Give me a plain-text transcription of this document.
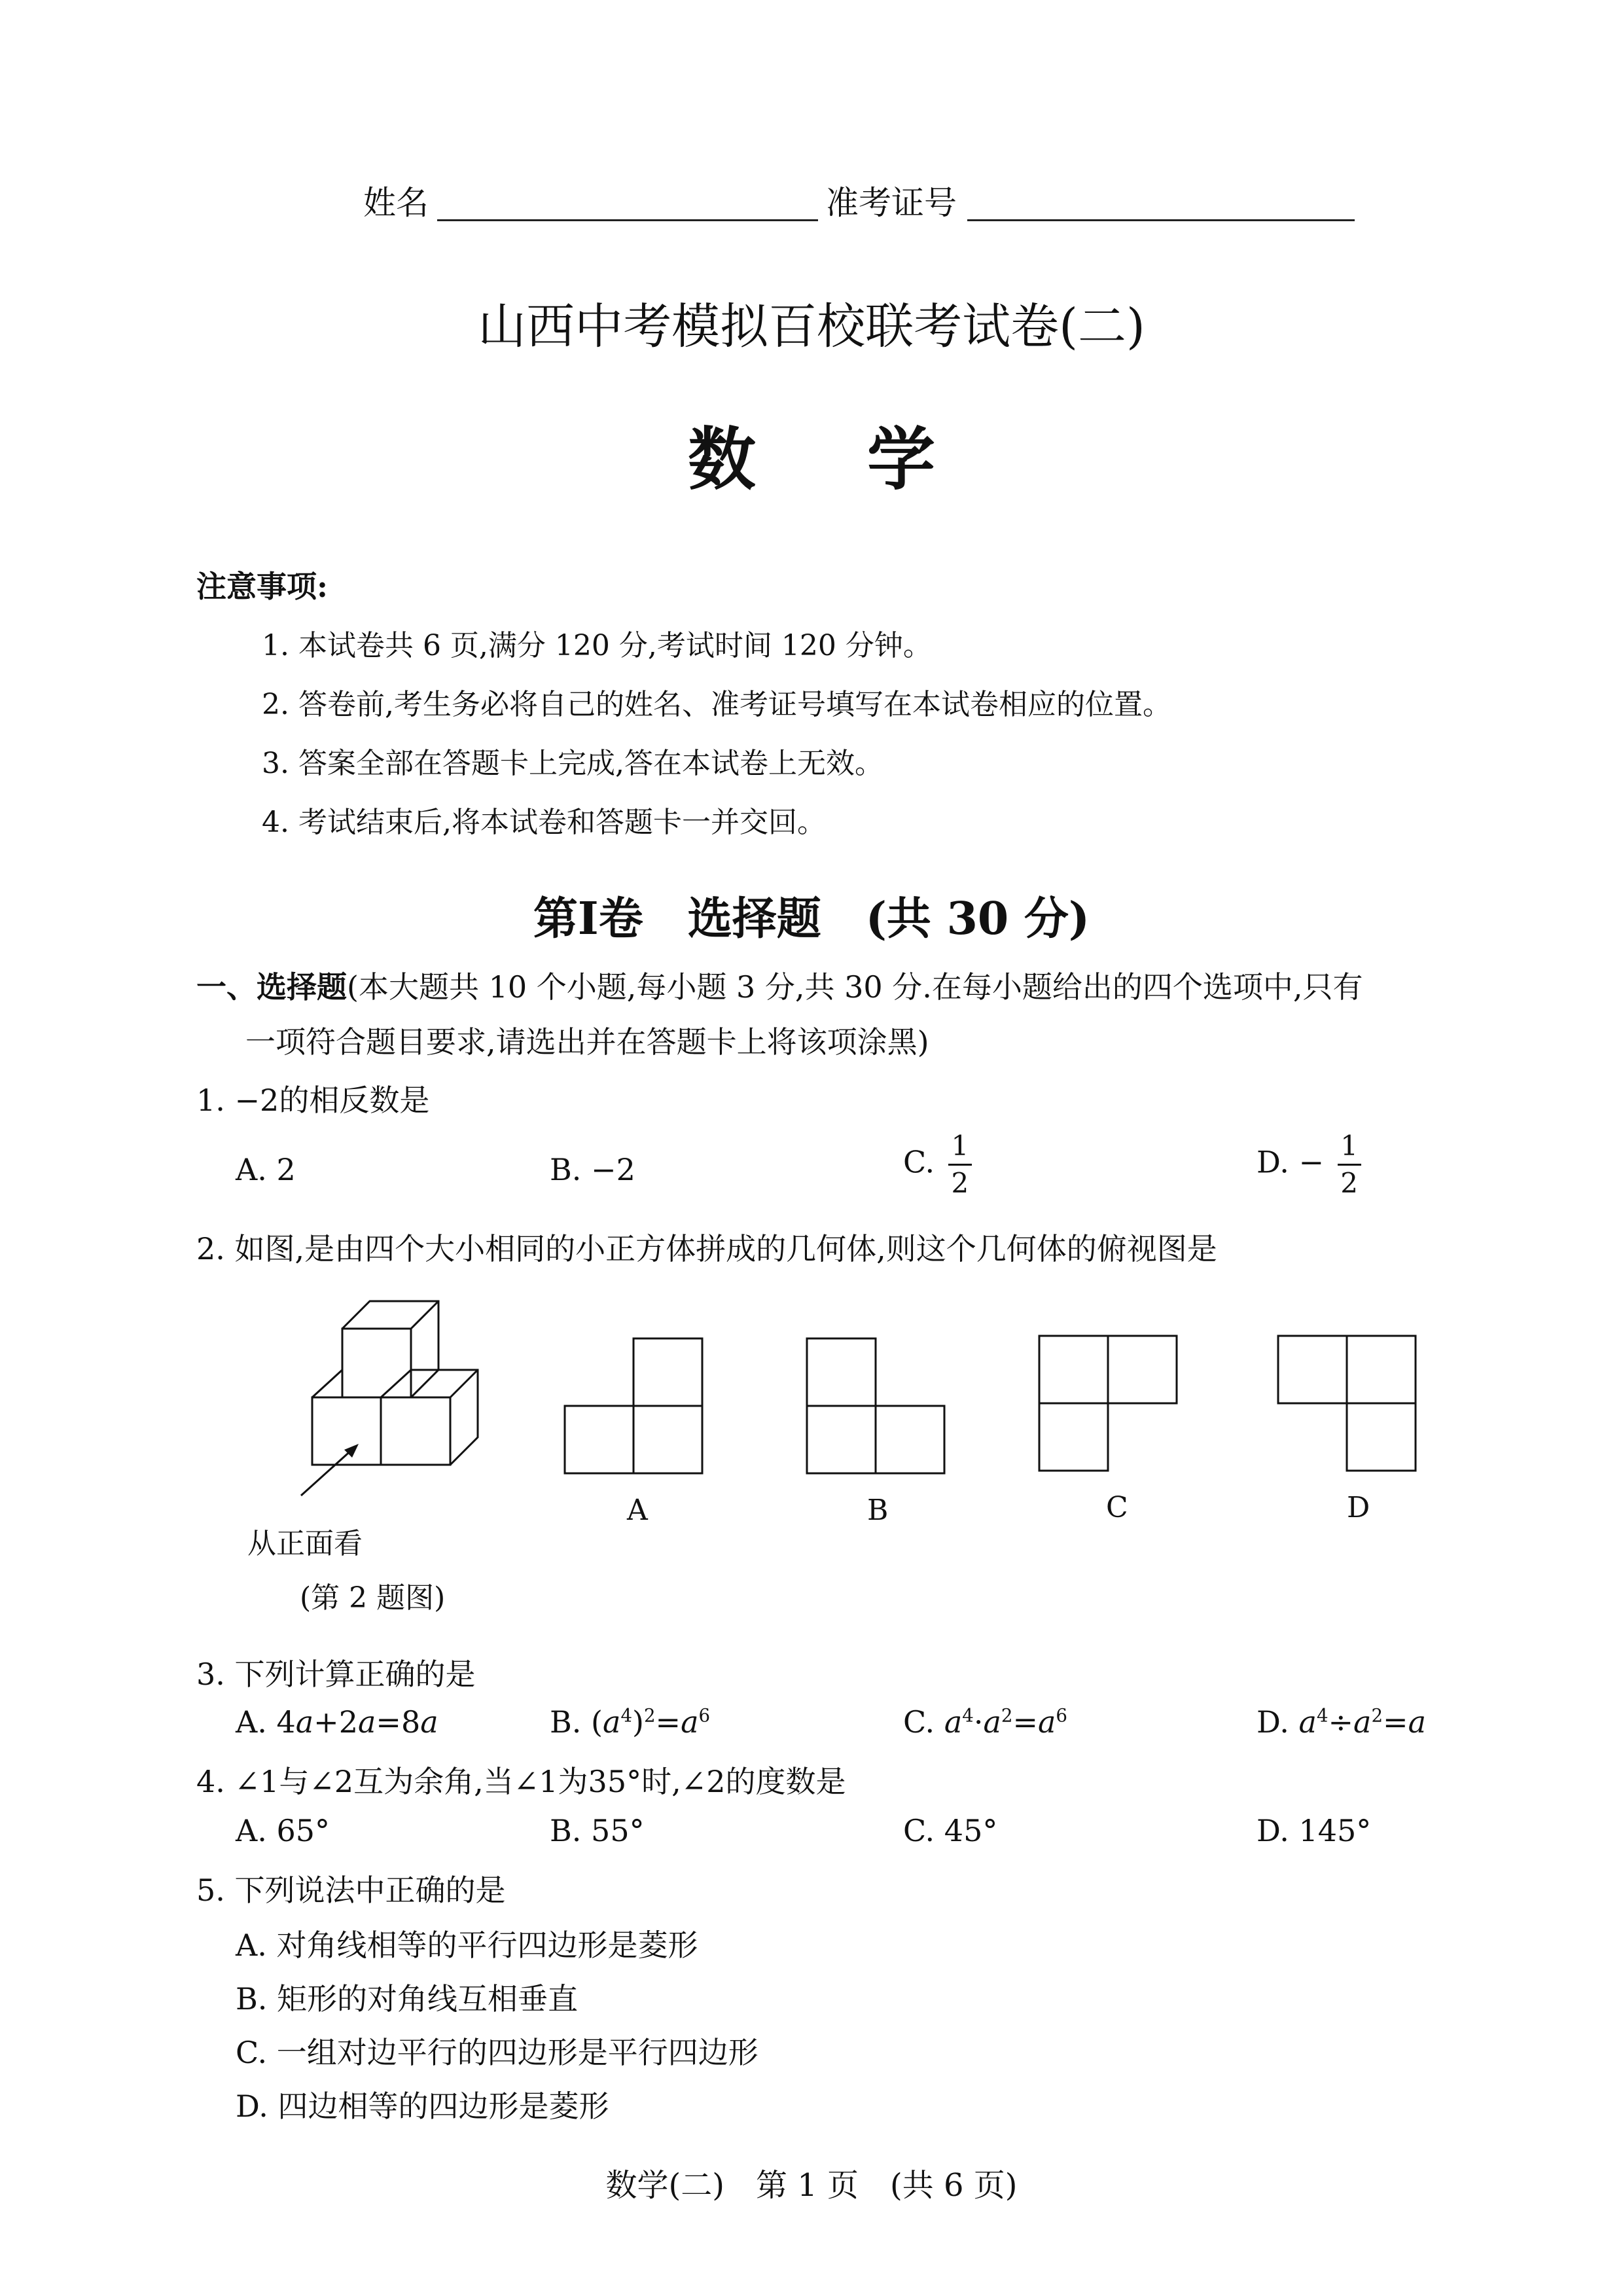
姓名	准考证号
山西中考模拟百校联考试卷(二)
数学
注意事项:
1. 本试卷共 6 页,满分 120 分,考试时间 120 分钟。
2. 答卷前,考生务必将自己的姓名、准考证号填写在本试卷相应的位置。
3. 答案全部在答题卡上完成,答在本试卷上无效。
4. 考试结束后,将本试卷和答题卡一并交回。
第Ⅰ卷　选择题　(共 30 分)
一、选择题(本大题共 10 个小题,每小题 3 分,共 30 分.在每小题给出的四个选项中,只有
一项符合题目要求,请选出并在答题卡上将该项涂黑)
1. −2的相反数是
A. 2	B. −2	C. $\frac{1}{2}$	D. − $\frac{1}{2}$
2. 如图,是由四个大小相同的小正方体拼成的几何体,则这个几何体的俯视图是
从正面看
(第 2 题图)
A	B	C	D
3. 下列计算正确的是
A. 4a+2a=8a	B. $(a^4)^2=a^6$	C. $a^4\cdot a^2=a^6$	D. $a^4\div a^2=a$
4. ∠1与∠2互为余角,当∠1为35°时,∠2的度数是
A. 65°	B. 55°	C. 45°	D. 145°
5. 下列说法中正确的是
A. 对角线相等的平行四边形是菱形
B. 矩形的对角线互相垂直
C. 一组对边平行的四边形是平行四边形
D. 四边相等的四边形是菱形
数学(二)　第 1 页　(共 6 页)
